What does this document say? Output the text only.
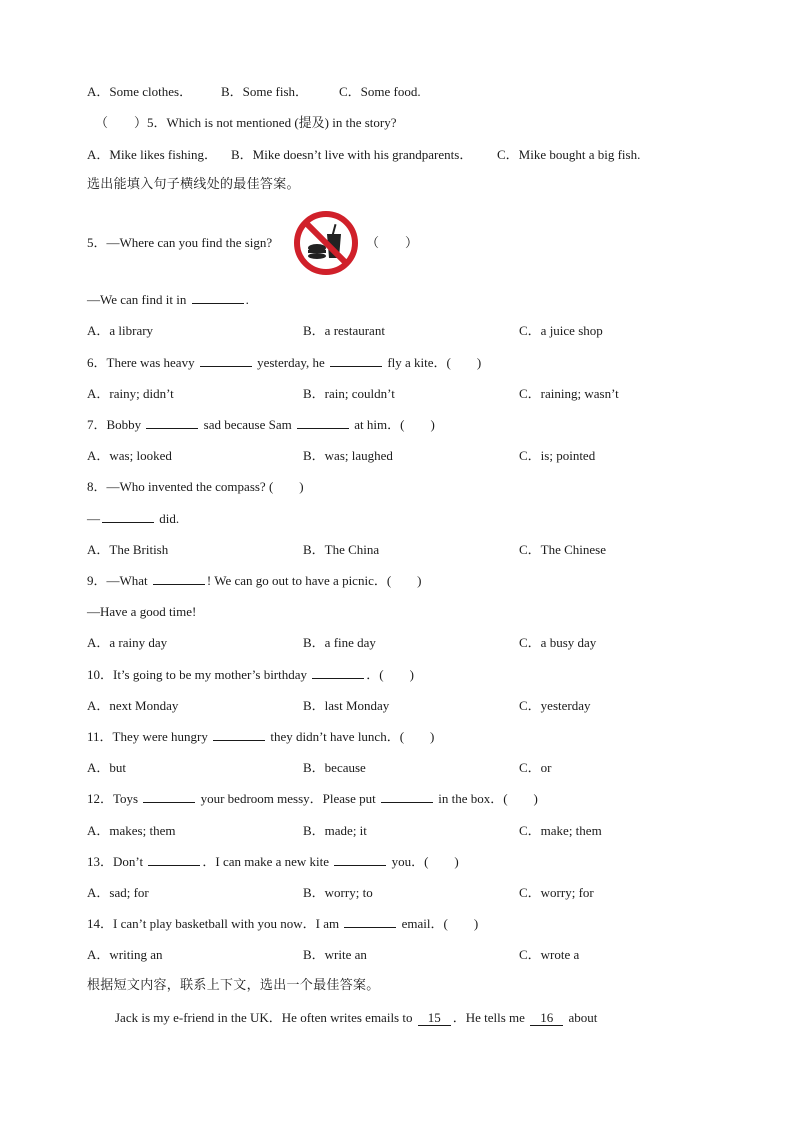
A．Some clothes． B．Some fish． C．Some food.
（　　）5．Which is not mentioned (提及) in the story?
A．Mike likes fishing． B．Mike doesn’t live with his grandparents． C．Mike bought a big fish.
选出能填入句子横线处的最佳答案。
5．—Where can you find the sign?	（　　）
—We can find it in	.
A．a library	B．a restaurant	C．a juice shop
6．There was heavy	yesterday, he	fly a kite．(　　)
A．rainy; didn’t	B．rain; couldn’t	C．raining; wasn’t
7．Bobby	sad because Sam	at him．(　　)
A．was; looked	B．was; laughed	C．is; pointed
8．—Who invented the compass? (　　)
—	did.
A．The British	B．The China	C．The Chinese
9．—What	! We can go out to have a picnic．(　　)
—Have a good time!
A．a rainy day	B．a fine day	C．a busy day
10．It’s going to be my mother’s birthday	．(　　)
A．next Monday	B．last Monday	C．yesterday
11．They were hungry	they didn’t have lunch．(　　)
A．but	B．because	C．or
12．Toys	your bedroom messy．Please put	in the box．(　　)
A．makes; them	B．made; it	C．make; them
13．Don’t	．I can make a new kite	you．(　　)
A．sad; for	B．worry; to	C．worry; for
14．I can’t play basketball with you now．I am	email．(　　)
A．writing an	B．write an	C．wrote a
根据短文内容，联系上下文，选出一个最佳答案。
Jack is my e-friend in the UK．He often writes emails to 15 ．He tells me 16 about
